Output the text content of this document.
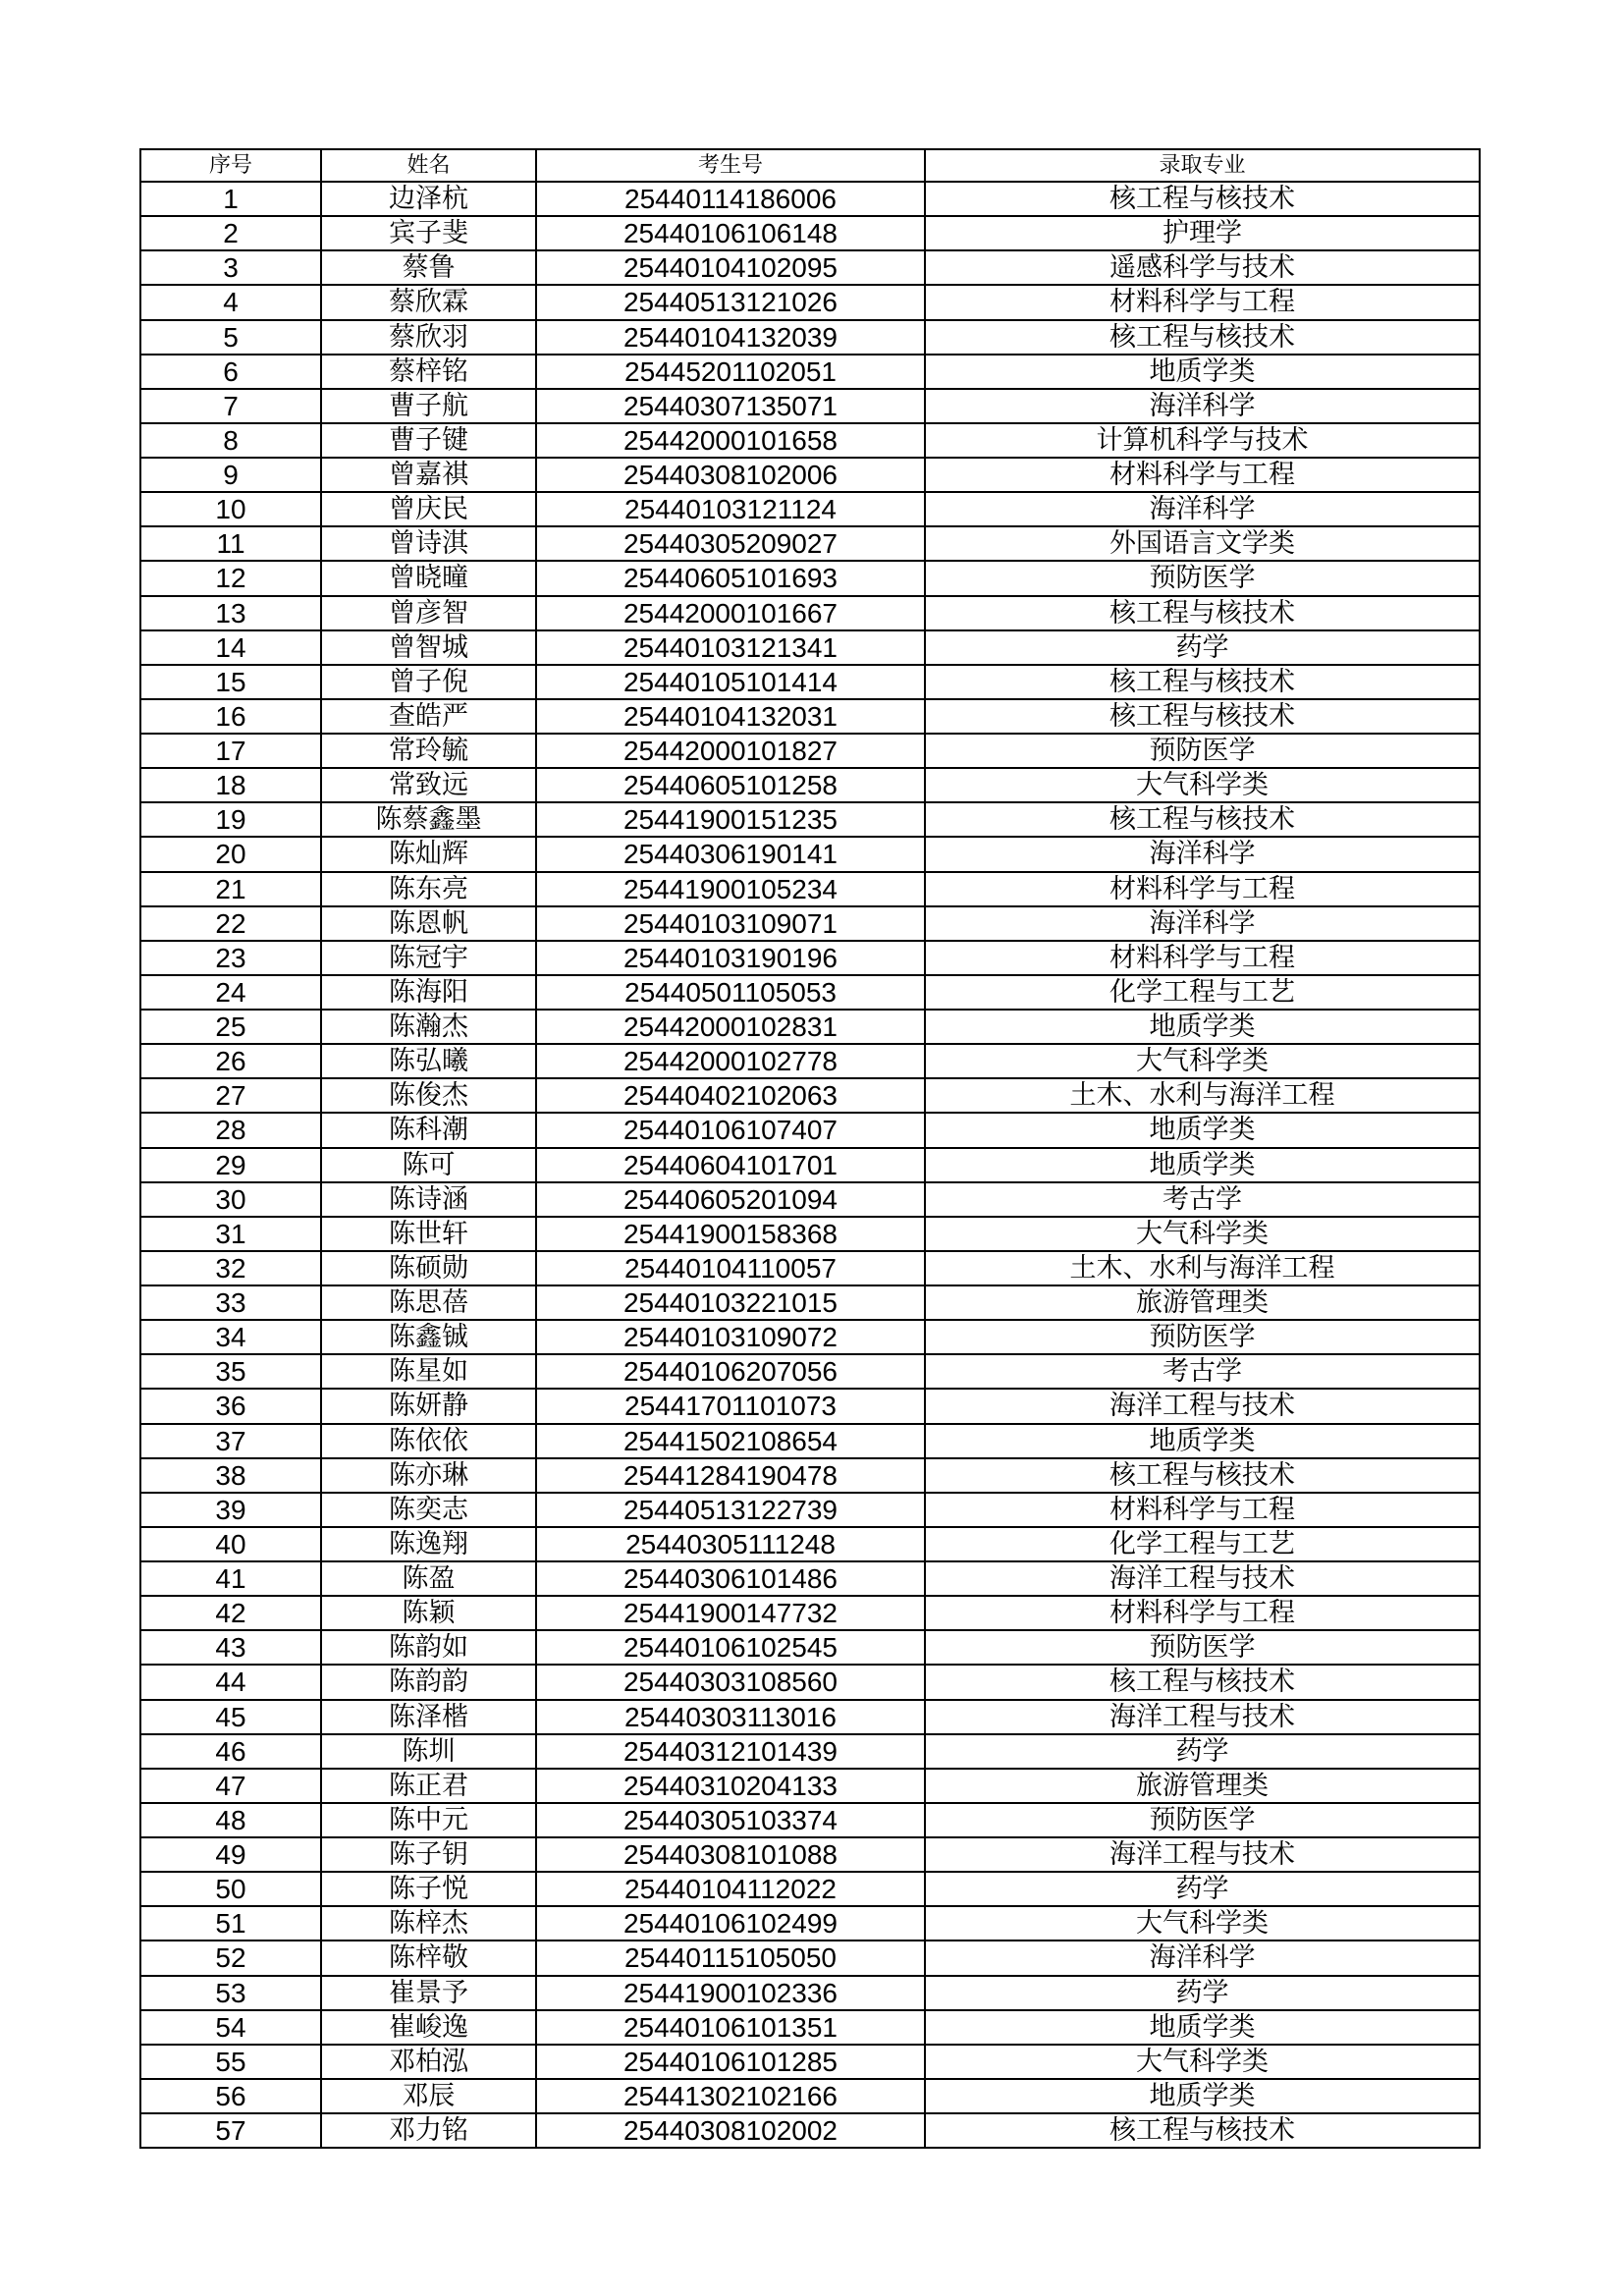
序号	姓名	考生号	录取专业
1	边泽杭	25440114186006	核工程与核技术
2	宾子斐	25440106106148	护理学
3	蔡鲁	25440104102095	遥感科学与技术
4	蔡欣霖	25440513121026	材料科学与工程
5	蔡欣羽	25440104132039	核工程与核技术
6	蔡梓铭	25445201102051	地质学类
7	曹子航	25440307135071	海洋科学
8	曹子键	25442000101658	计算机科学与技术
9	曾嘉祺	25440308102006	材料科学与工程
10	曾庆民	25440103121124	海洋科学
11	曾诗淇	25440305209027	外国语言文学类
12	曾晓曈	25440605101693	预防医学
13	曾彦智	25442000101667	核工程与核技术
14	曾智城	25440103121341	药学
15	曾子倪	25440105101414	核工程与核技术
16	查皓严	25440104132031	核工程与核技术
17	常玲毓	25442000101827	预防医学
18	常致远	25440605101258	大气科学类
19	陈蔡鑫墨	25441900151235	核工程与核技术
20	陈灿辉	25440306190141	海洋科学
21	陈东亮	25441900105234	材料科学与工程
22	陈恩帆	25440103109071	海洋科学
23	陈冠宇	25440103190196	材料科学与工程
24	陈海阳	25440501105053	化学工程与工艺
25	陈瀚杰	25442000102831	地质学类
26	陈弘曦	25442000102778	大气科学类
27	陈俊杰	25440402102063	土木、水利与海洋工程
28	陈科潮	25440106107407	地质学类
29	陈可	25440604101701	地质学类
30	陈诗涵	25440605201094	考古学
31	陈世轩	25441900158368	大气科学类
32	陈硕勋	25440104110057	土木、水利与海洋工程
33	陈思蓓	25440103221015	旅游管理类
34	陈鑫铖	25440103109072	预防医学
35	陈星如	25440106207056	考古学
36	陈妍静	25441701101073	海洋工程与技术
37	陈依依	25441502108654	地质学类
38	陈亦琳	25441284190478	核工程与核技术
39	陈奕志	25440513122739	材料科学与工程
40	陈逸翔	25440305111248	化学工程与工艺
41	陈盈	25440306101486	海洋工程与技术
42	陈颖	25441900147732	材料科学与工程
43	陈韵如	25440106102545	预防医学
44	陈韵韵	25440303108560	核工程与核技术
45	陈泽楷	25440303113016	海洋工程与技术
46	陈圳	25440312101439	药学
47	陈正君	25440310204133	旅游管理类
48	陈中元	25440305103374	预防医学
49	陈子钥	25440308101088	海洋工程与技术
50	陈子悦	25440104112022	药学
51	陈梓杰	25440106102499	大气科学类
52	陈梓敬	25440115105050	海洋科学
53	崔景予	25441900102336	药学
54	崔峻逸	25440106101351	地质学类
55	邓柏泓	25440106101285	大气科学类
56	邓辰	25441302102166	地质学类
57	邓力铭	25440308102002	核工程与核技术
